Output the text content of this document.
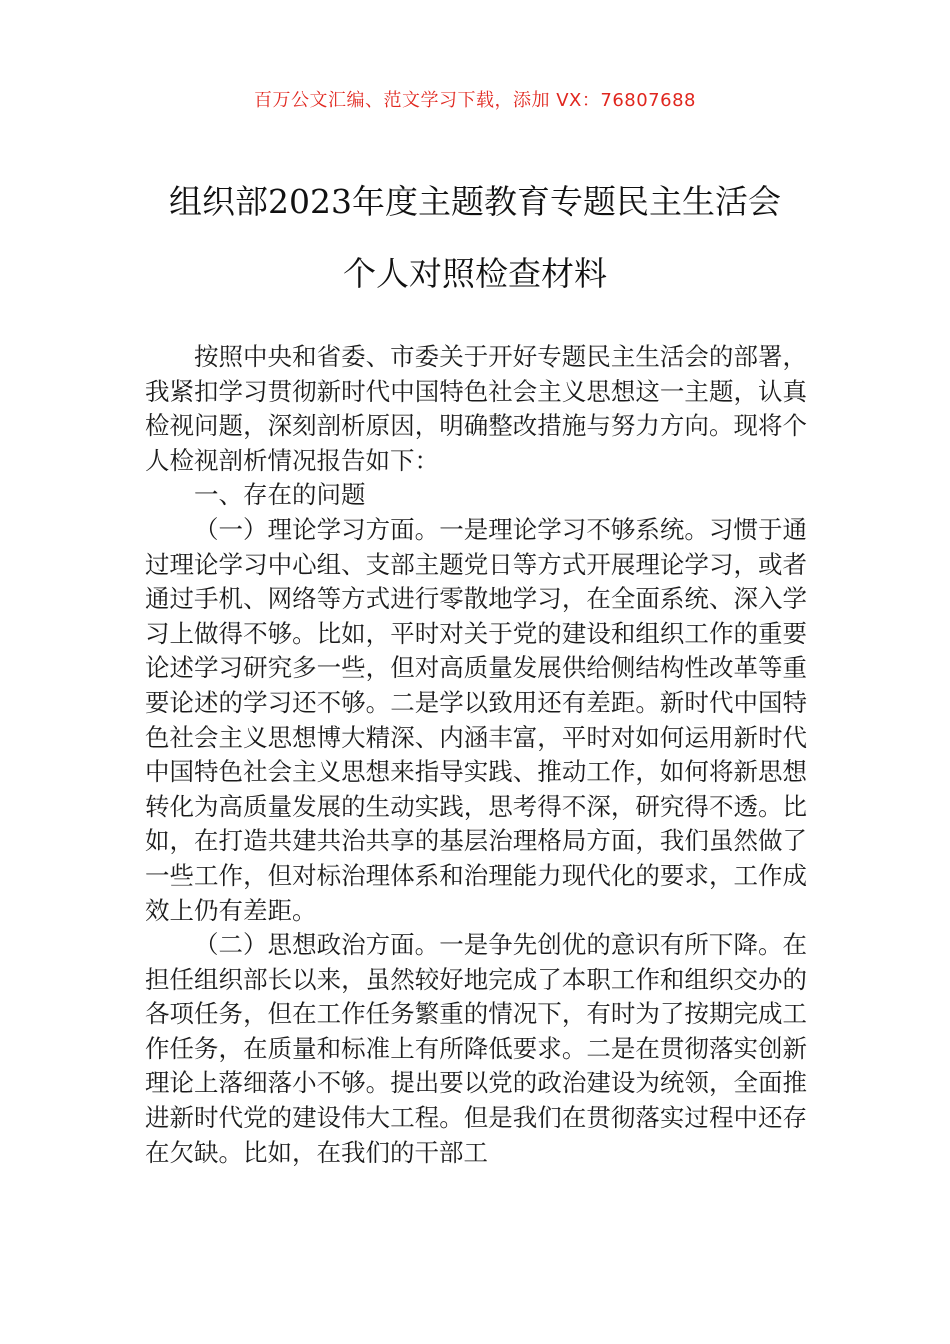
百万公文汇编、范文学习下载，添加 VX：76807688
组织部2023年度主题教育专题民主生活会
个人对照检查材料

按照中央和省委、市委关于开好专题民主生活会的部署，我紧扣学习贯彻新时代中国特色社会主义思想这一主题，认真检视问题，深刻剖析原因，明确整改措施与努力方向。现将个人检视剖析情况报告如下：

一、存在的问题

（一）理论学习方面。一是理论学习不够系统。习惯于通过理论学习中心组、支部主题党日等方式开展理论学习，或者通过手机、网络等方式进行零散地学习，在全面系统、深入学习上做得不够。比如，平时对关于党的建设和组织工作的重要论述学习研究多一些，但对高质量发展供给侧结构性改革等重要论述的学习还不够。二是学以致用还有差距。新时代中国特色社会主义思想博大精深、内涵丰富，平时对如何运用新时代中国特色社会主义思想来指导实践、推动工作，如何将新思想转化为高质量发展的生动实践，思考得不深，研究得不透。比如，在打造共建共治共享的基层治理格局方面，我们虽然做了一些工作，但对标治理体系和治理能力现代化的要求，工作成效上仍有差距。

（二）思想政治方面。一是争先创优的意识有所下降。在担任组织部长以来，虽然较好地完成了本职工作和组织交办的各项任务，但在工作任务繁重的情况下，有时为了按期完成工作任务，在质量和标准上有所降低要求。二是在贯彻落实创新理论上落细落小不够。提出要以党的政治建设为统领，全面推进新时代党的建设伟大工程。但是我们在贯彻落实过程中还存在欠缺。比如，在我们的干部工
